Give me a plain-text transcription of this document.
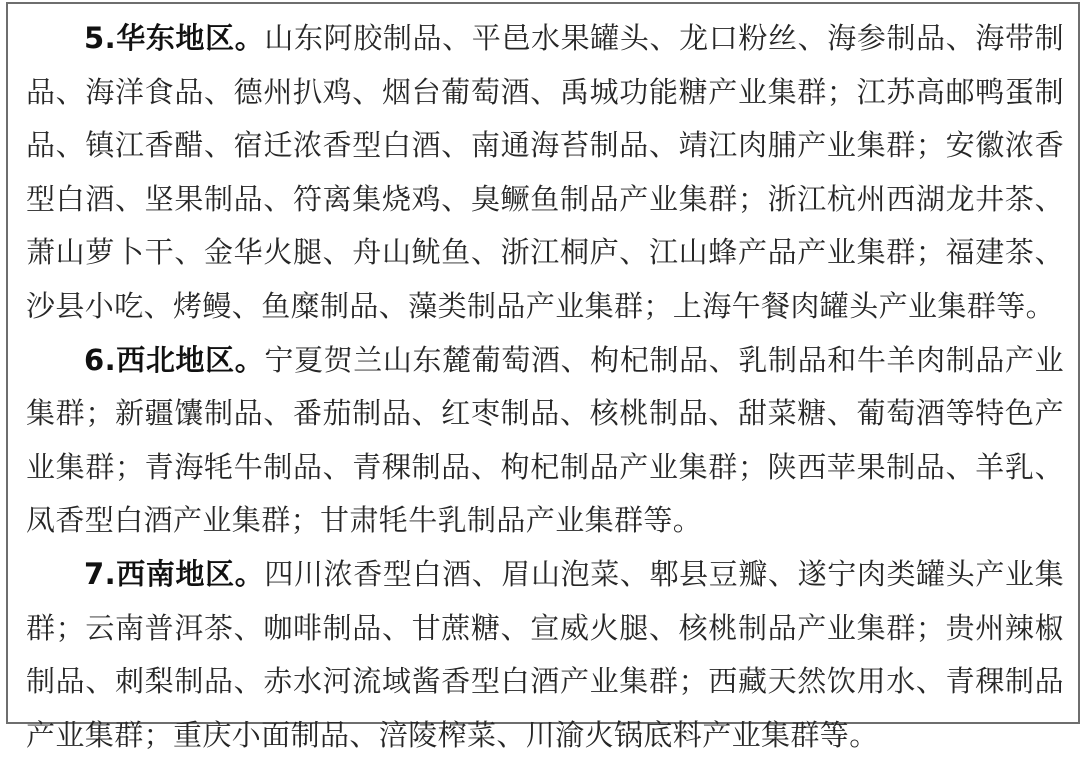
5.华东地区。山东阿胶制品、平邑水果罐头、龙口粉丝、海参制品、海带制品、海洋食品、德州扒鸡、烟台葡萄酒、禹城功能糖产业集群；江苏高邮鸭蛋制品、镇江香醋、宿迁浓香型白酒、南通海苔制品、靖江肉脯产业集群；安徽浓香型白酒、坚果制品、符离集烧鸡、臭鳜鱼制品产业集群；浙江杭州西湖龙井茶、萧山萝卜干、金华火腿、舟山鱿鱼、浙江桐庐、江山蜂产品产业集群；福建茶、沙县小吃、烤鳗、鱼糜制品、藻类制品产业集群；上海午餐肉罐头产业集群等。

6.西北地区。宁夏贺兰山东麓葡萄酒、枸杞制品、乳制品和牛羊肉制品产业集群；新疆馕制品、番茄制品、红枣制品、核桃制品、甜菜糖、葡萄酒等特色产业集群；青海牦牛制品、青稞制品、枸杞制品产业集群；陕西苹果制品、羊乳、凤香型白酒产业集群；甘肃牦牛乳制品产业集群等。

7.西南地区。四川浓香型白酒、眉山泡菜、郫县豆瓣、遂宁肉类罐头产业集群；云南普洱茶、咖啡制品、甘蔗糖、宣威火腿、核桃制品产业集群；贵州辣椒制品、刺梨制品、赤水河流域酱香型白酒产业集群；西藏天然饮用水、青稞制品产业集群；重庆小面制品、涪陵榨菜、川渝火锅底料产业集群等。
